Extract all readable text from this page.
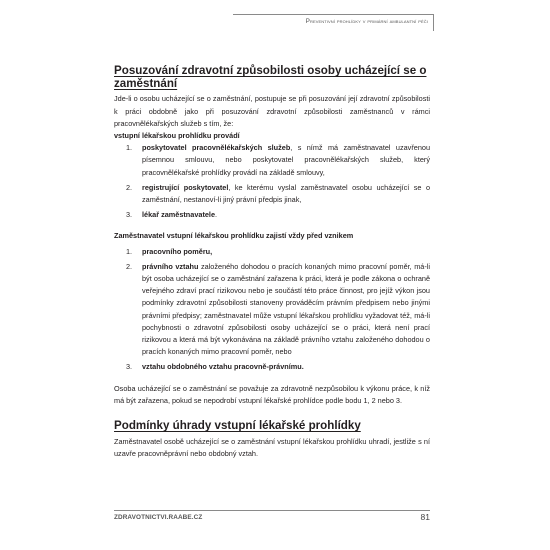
Preventivní prohlídky v primární ambulantní péči
Posuzování zdravotní způsobilosti osoby ucházející se o zaměstnání

Jde-li o osobu ucházející se o zaměstnání, postupuje se při posuzování její zdravotní způsobilosti k práci obdobně jako při posuzování zdravotní způsobilosti zaměstnanců v rámci pracovnělékařských služeb s tím, že:

vstupní lékařskou prohlídku provádí

1. poskytovatel pracovnělékařských služeb, s nímž má zaměstnavatel uzavřenou písemnou smlouvu, nebo poskytovatel pracovnělékařských služeb, který pracovnělékařské prohlídky provádí na základě smlouvy,
2. registrující poskytovatel, ke kterému vyslal zaměstnavatel osobu ucházející se o zaměstnání, nestanoví-li jiný právní předpis jinak,
3. lékař zaměstnavatele.

Zaměstnavatel vstupní lékařskou prohlídku zajistí vždy před vznikem

1. pracovního poměru,
2. právního vztahu založeného dohodou o pracích konaných mimo pracovní poměr, má-li být osoba ucházející se o zaměstnání zařazena k práci, která je podle zákona o ochraně veřejného zdraví prací rizikovou nebo je součástí této práce činnost, pro jejíž výkon jsou podmínky zdravotní způsobilosti stanoveny prováděcím právním předpisem nebo jinými právními předpisy; zaměstnavatel může vstupní lékařskou prohlídku vyžadovat též, má-li pochybnosti o zdravotní způsobilosti osoby ucházející se o práci, která není prací rizikovou a která má být vykonávána na základě právního vztahu založeného dohodou o pracích konaných mimo pracovní poměr, nebo
3. vztahu obdobného vztahu pracovně-právnímu.

Osoba ucházející se o zaměstnání se považuje za zdravotně nezpůsobilou k výkonu práce, k níž má být zařazena, pokud se nepodrobí vstupní lékařské prohlídce podle bodu 1, 2 nebo 3.

Podmínky úhrady vstupní lékařské prohlídky

Zaměstnavatel osobě ucházející se o zaměstnání vstupní lékařskou prohlídku uhradí, jestliže s ní uzavře pracovněprávní nebo obdobný vztah.

ZDRAVOTNICTVI.RAABE.CZ	81
